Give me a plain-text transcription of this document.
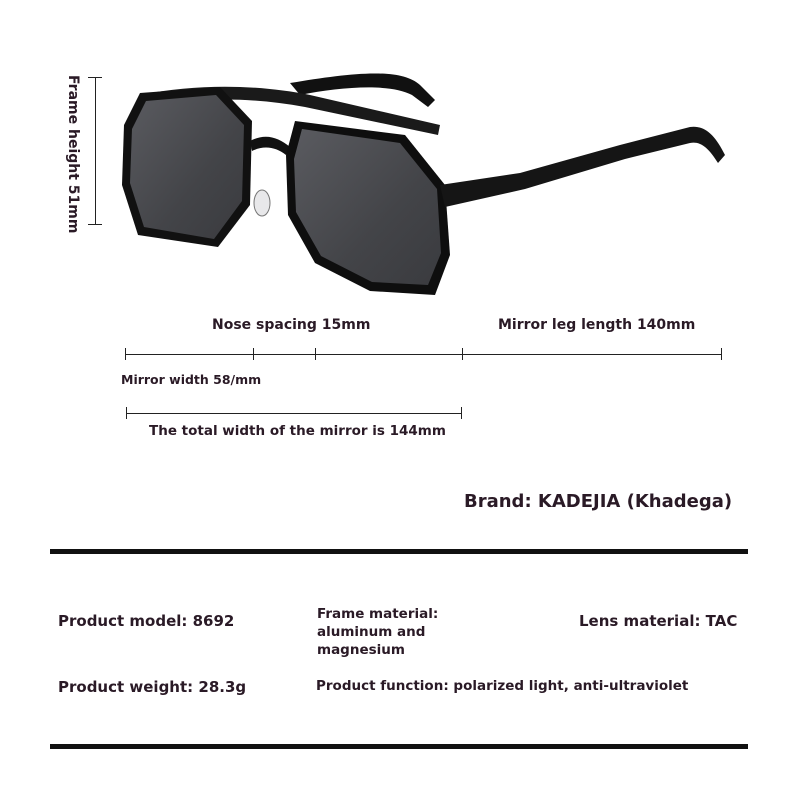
Frame height 51mm
Nose spacing 15mm	Mirror leg length 140mm
Mirror width 58/mm
The total width of the mirror is 144mm
Brand: KADEJIA (Khadega)
Product model: 8692	Frame material: aluminum and magnesium
Lens material: TAC
Product weight: 28.3g	Product function: polarized light, anti-ultraviolet
